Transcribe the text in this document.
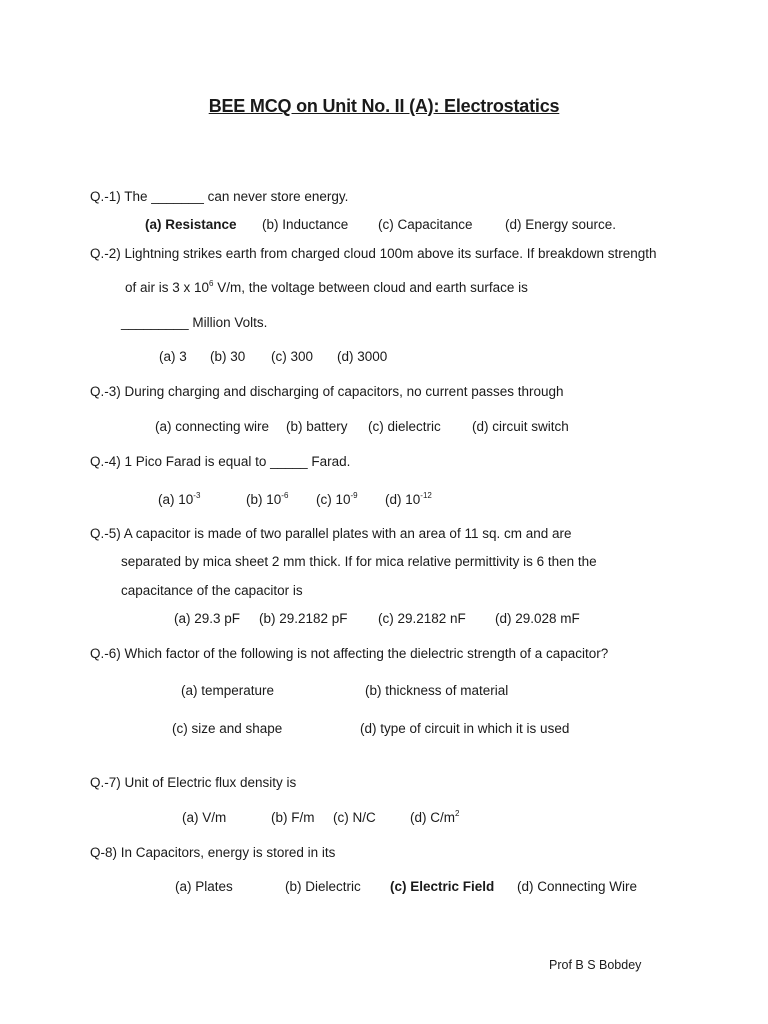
BEE MCQ on Unit No. II (A): Electrostatics
Q.-1) The _______ can never store energy.
(a) Resistance (b) Inductance (c) Capacitance (d) Energy source.
Q.-2) Lightning strikes earth from charged cloud 100m above its surface. If breakdown strength
of air is 3 x $10^6$ V/m, the voltage between cloud and earth surface is
_________ Million Volts.
(a) 3 (b) 30 (c) 300 (d) 3000
Q.-3) During charging and discharging of capacitors, no current passes through
(a) connecting wire (b) battery (c) dielectric (d) circuit switch
Q.-4) 1 Pico Farad is equal to _____ Farad.
(a) $10^{-3}$	(b) $10^{-6}$ (c) $10^{-9}$ (d) $10^{-12}$
Q.-5) A capacitor is made of two parallel plates with an area of 11 sq. cm and are
separated by mica sheet 2 mm thick. If for mica relative permittivity is 6 then the
capacitance of the capacitor is
(a) 29.3 pF (b) 29.2182 pF (c) 29.2182 nF (d) 29.028 mF
Q.-6) Which factor of the following is not affecting the dielectric strength of a capacitor?
(a) temperature	(b) thickness of material
(c) size and shape	(d) type of circuit in which it is used
Q.-7) Unit of Electric flux density is
(a) V/m	(b) F/m (c) N/C	(d) $C/m^2$
Q-8) In Capacitors, energy is stored in its
(a) Plates	(b) Dielectric (c) Electric Field (d) Connecting Wire
Prof B S Bobdey
